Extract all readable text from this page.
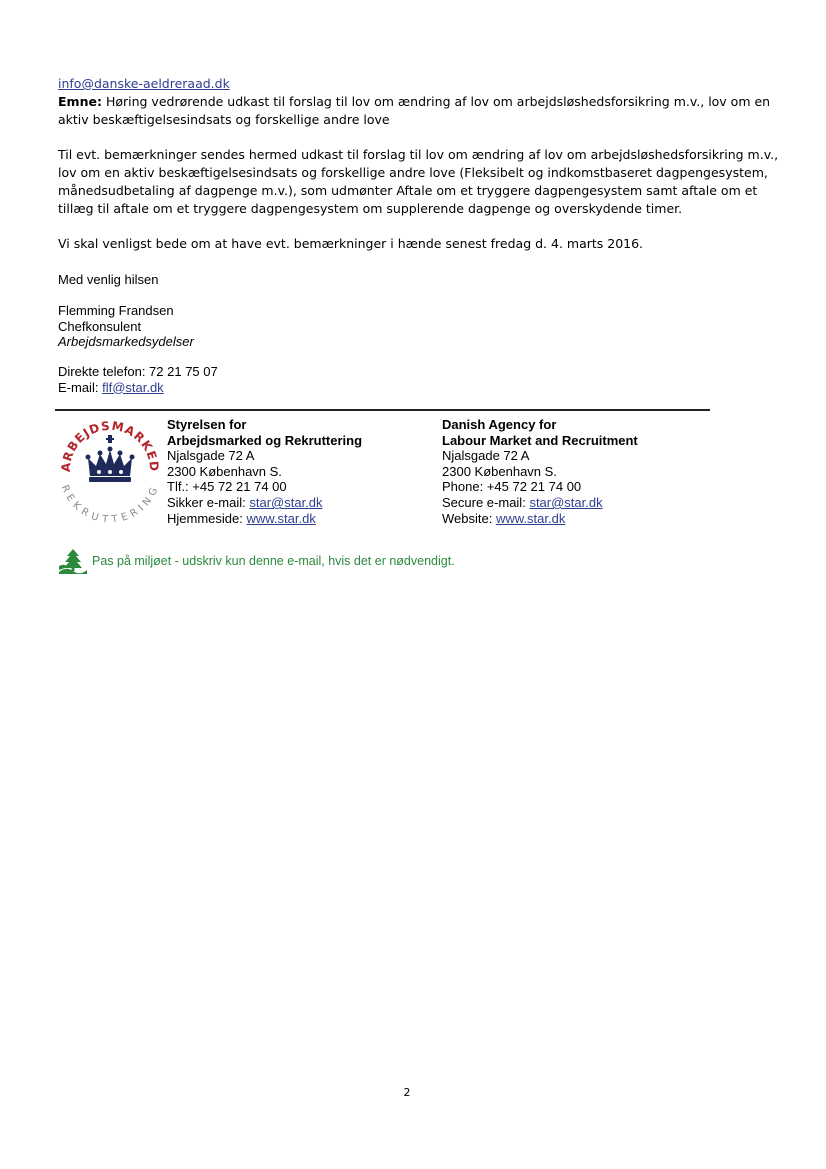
info@danske-aeldreraad.dk
Emne: Høring vedrørende udkast til forslag til lov om ændring af lov om arbejdsløshedsforsikring m.v., lov om en
aktiv beskæftigelsesindsats og forskellige andre love
Til evt. bemærkninger sendes hermed udkast til forslag til lov om ændring af lov om arbejdsløshedsforsikring m.v.,
lov om en aktiv beskæftigelsesindsats og forskellige andre love (Fleksibelt og indkomstbaseret dagpengesystem,
månedsudbetaling af dagpenge m.v.), som udmønter Aftale om et tryggere dagpengesystem samt aftale om et
tillæg til aftale om et tryggere dagpengesystem om supplerende dagpenge og overskydende timer.
Vi skal venligst bede om at have evt. bemærkninger i hænde senest fredag d. 4. marts 2016.
Med venlig hilsen
Flemming Frandsen
Chefkonsulent
Arbejdsmarkedsydelser
Direkte telefon: 72 21 75 07
E-mail: flf@star.dk
ARBEJDSMARKED
REKRUTTERING
Styrelsen for
Arbejdsmarked og Rekruttering
Njalsgade 72 A
2300 København S.
Tlf.: +45 72 21 74 00
Sikker e-mail: star@star.dk
Hjemmeside: www.star.dk
Danish Agency for
Labour Market and Recruitment
Njalsgade 72 A
2300 København S.
Phone: +45 72 21 74 00
Secure e-mail: star@star.dk
Website: www.star.dk
Pas på miljøet - udskriv kun denne e-mail, hvis det er nødvendigt.
2
